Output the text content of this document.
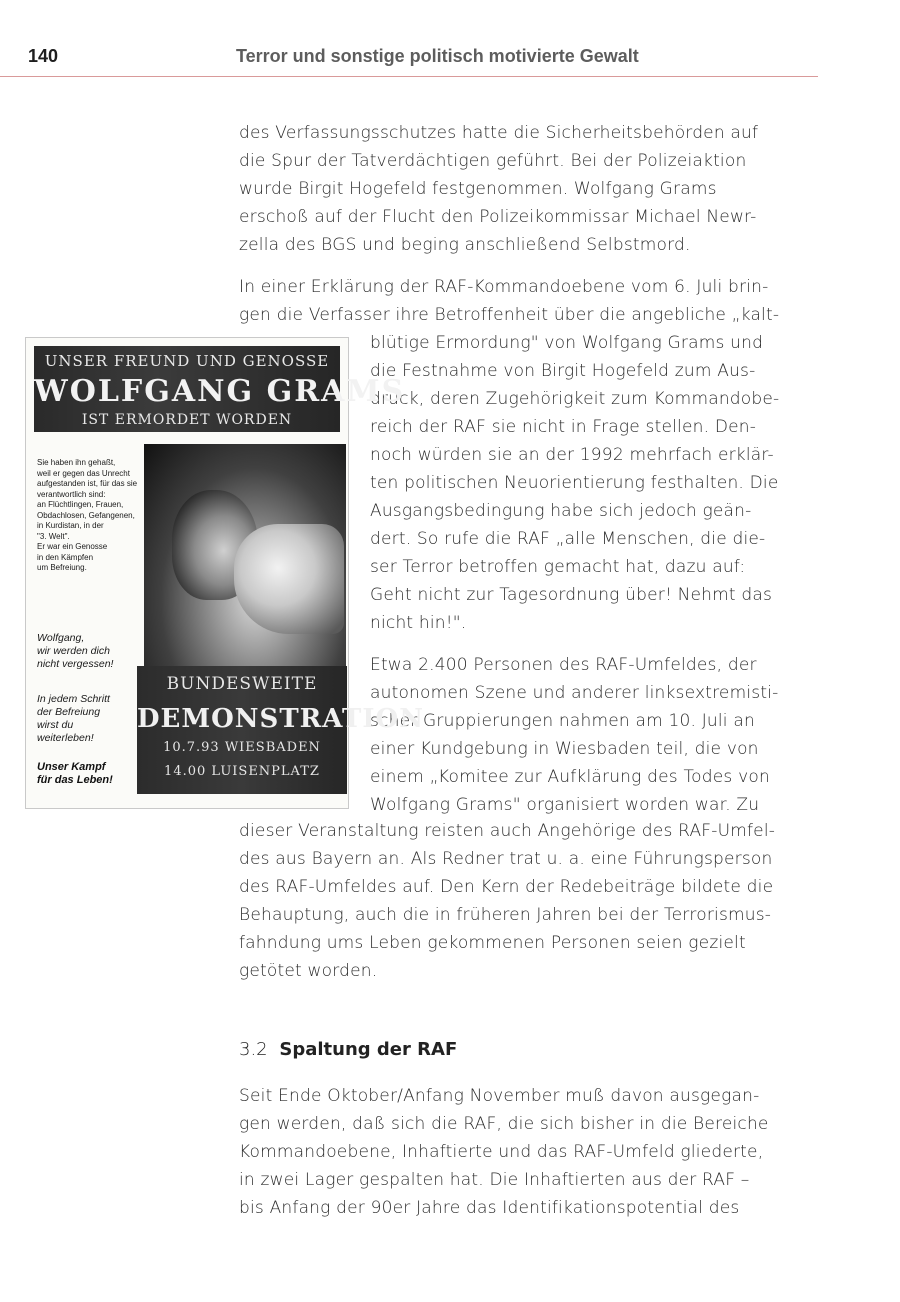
140	Terror und sonstige politisch motivierte Gewalt

des Verfassungsschutzes hatte die Sicherheitsbehörden auf
die Spur der Tatverdächtigen geführt. Bei der Polizeiaktion
wurde Birgit Hogefeld festgenommen. Wolfgang Grams
erschoß auf der Flucht den Polizeikommissar Michael Newr-
zella des BGS und beging anschließend Selbstmord.

In einer Erklärung der RAF-Kommandoebene vom 6. Juli brin-
gen die Verfasser ihre Betroffenheit über die angebliche „kalt-

blütige Ermordung" von Wolfgang Grams und
die Festnahme von Birgit Hogefeld zum Aus-
druck, deren Zugehörigkeit zum Kommandobe-
reich der RAF sie nicht in Frage stellen. Den-
noch würden sie an der 1992 mehrfach erklär-
ten politischen Neuorientierung festhalten. Die
Ausgangsbedingung habe sich jedoch geän-
dert. So rufe die RAF „alle Menschen, die die-
ser Terror betroffen gemacht hat, dazu auf:
Geht nicht zur Tagesordnung über! Nehmt das
nicht hin!".

Etwa 2.400 Personen des RAF-Umfeldes, der
autonomen Szene und anderer linksextremisti-
scher Gruppierungen nahmen am 10. Juli an
einer Kundgebung in Wiesbaden teil, die von
einem „Komitee zur Aufklärung des Todes von
Wolfgang Grams" organisiert worden war. Zu

dieser Veranstaltung reisten auch Angehörige des RAF-Umfel-
des aus Bayern an. Als Redner trat u. a. eine Führungsperson
des RAF-Umfeldes auf. Den Kern der Redebeiträge bildete die
Behauptung, auch die in früheren Jahren bei der Terrorismus-
fahndung ums Leben gekommenen Personen seien gezielt
getötet worden.

3.2 Spaltung der RAF

Seit Ende Oktober/Anfang November muß davon ausgegan-
gen werden, daß sich die RAF, die sich bisher in die Bereiche
Kommandoebene, Inhaftierte und das RAF-Umfeld gliederte,
in zwei Lager gespalten hat. Die Inhaftierten aus der RAF –
bis Anfang der 90er Jahre das Identifikationspotential des

UNSER FREUND UND GENOSSE
WOLFGANG GRAMS
IST ERMORDET WORDEN
Sie haben ihn gehaßt,
weil er gegen das Unrecht
aufgestanden ist, für das sie
verantwortlich sind:
an Flüchtlingen, Frauen,
Obdachlosen, Gefangenen,
in Kurdistan, in der
"3. Welt".
Er war ein Genosse
in den Kämpfen
um Befreiung.
Wolfgang,
wir werden dich
nicht vergessen!
In jedem Schritt
der Befreiung
wirst du
weiterleben!
Unser Kampf
für das Leben!
BUNDESWEITE
DEMONSTRATION
10.7.93 WIESBADEN
14.00 LUISENPLATZ
